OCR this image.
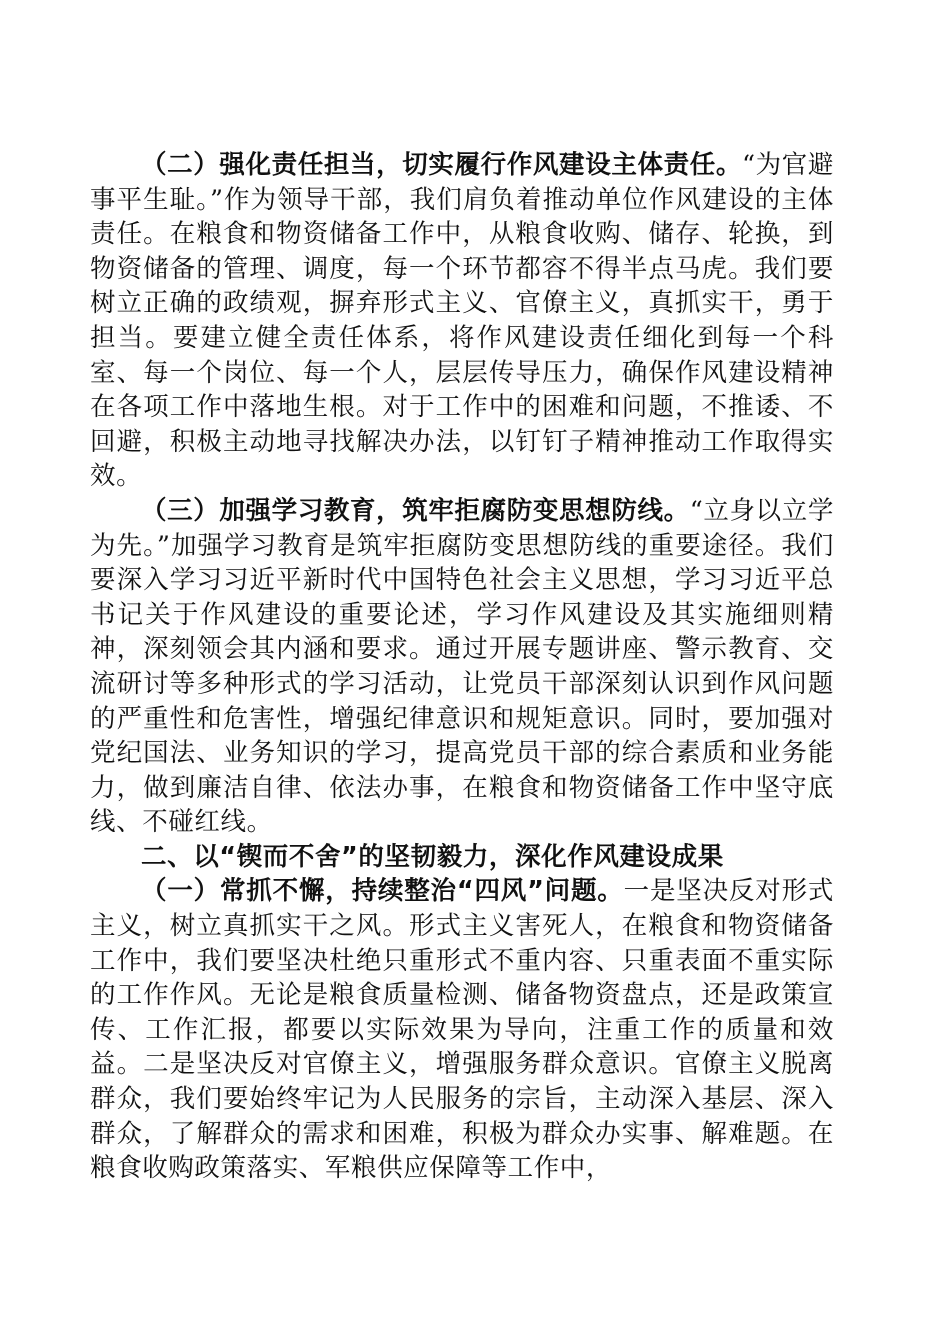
（二）强化责任担当，切实履行作风建设主体责任。“为官避事平生耻。”作为领导干部，我们肩负着推动单位作风建设的主体责任。在粮食和物资储备工作中，从粮食收购、储存、轮换，到物资储备的管理、调度，每一个环节都容不得半点马虎。我们要树立正确的政绩观，摒弃形式主义、官僚主义，真抓实干，勇于担当。要建立健全责任体系，将作风建设责任细化到每一个科室、每一个岗位、每一个人，层层传导压力，确保作风建设精神在各项工作中落地生根。对于工作中的困难和问题，不推诿、不回避，积极主动地寻找解决办法，以钉钉子精神推动工作取得实效。

（三）加强学习教育，筑牢拒腐防变思想防线。“立身以立学为先。”加强学习教育是筑牢拒腐防变思想防线的重要途径。我们要深入学习习近平新时代中国特色社会主义思想，学习习近平总书记关于作风建设的重要论述，学习作风建设及其实施细则精神，深刻领会其内涵和要求。通过开展专题讲座、警示教育、交流研讨等多种形式的学习活动，让党员干部深刻认识到作风问题的严重性和危害性，增强纪律意识和规矩意识。同时，要加强对党纪国法、业务知识的学习，提高党员干部的综合素质和业务能力，做到廉洁自律、依法办事，在粮食和物资储备工作中坚守底线、不碰红线。

二、以“锲而不舍”的坚韧毅力，深化作风建设成果

（一）常抓不懈，持续整治“四风”问题。一是坚决反对形式主义，树立真抓实干之风。形式主义害死人，在粮食和物资储备工作中，我们要坚决杜绝只重形式不重内容、只重表面不重实际的工作作风。无论是粮食质量检测、储备物资盘点，还是政策宣传、工作汇报，都要以实际效果为导向，注重工作的质量和效益。二是坚决反对官僚主义，增强服务群众意识。官僚主义脱离群众，我们要始终牢记为人民服务的宗旨，主动深入基层、深入群众，了解群众的需求和困难，积极为群众办实事、解难题。在粮食收购政策落实、军粮供应保障等工作中，
